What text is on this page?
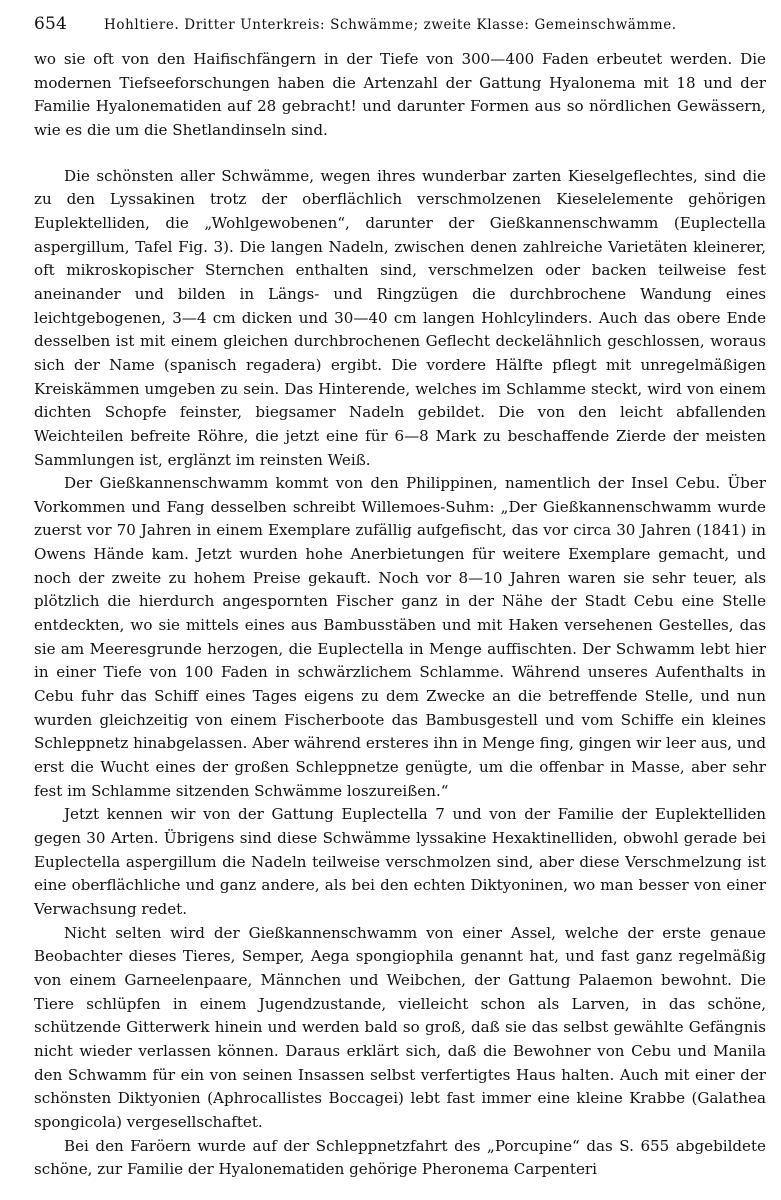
654	Hohltiere. Dritter Unterkreis: Schwämme; zweite Klasse: Gemeinschwämme.

wo sie oft von den Haifischfängern in der Tiefe von 300—400 Faden erbeutet werden. Die modernen Tiefseeforschungen haben die Artenzahl der Gattung Hyalonema mit 18 und der Familie Hyalonematiden auf 28 gebracht! und darunter Formen aus so nördlichen Gewässern, wie es die um die Shetlandinseln sind.

Die schönsten aller Schwämme, wegen ihres wunderbar zarten Kieselgeflechtes, sind die zu den Lyssakinen trotz der oberflächlich verschmolzenen Kieselelemente gehörigen Euplektelliden, die „Wohlgewobenen“, darunter der Gießkannenschwamm (Euplectella aspergillum, Tafel Fig. 3). Die langen Nadeln, zwischen denen zahlreiche Varietäten kleinerer, oft mikroskopischer Sternchen enthalten sind, verschmelzen oder backen teilweise fest aneinander und bilden in Längs- und Ringzügen die durchbrochene Wandung eines leichtgebogenen, 3—4 cm dicken und 30—40 cm langen Hohlcylinders. Auch das obere Ende desselben ist mit einem gleichen durchbrochenen Geflecht deckelähnlich geschlossen, woraus sich der Name (spanisch regadera) ergibt. Die vordere Hälfte pflegt mit unregelmäßigen Kreiskämmen umgeben zu sein. Das Hinterende, welches im Schlamme steckt, wird von einem dichten Schopfe feinster, biegsamer Nadeln gebildet. Die von den leicht abfallenden Weichteilen befreite Röhre, die jetzt eine für 6—8 Mark zu beschaffende Zierde der meisten Sammlungen ist, erglänzt im reinsten Weiß.

Der Gießkannenschwamm kommt von den Philippinen, namentlich der Insel Cebu. Über Vorkommen und Fang desselben schreibt Willemoes-Suhm: „Der Gießkannenschwamm wurde zuerst vor 70 Jahren in einem Exemplare zufällig aufgefischt, das vor circa 30 Jahren (1841) in Owens Hände kam. Jetzt wurden hohe Anerbietungen für weitere Exemplare gemacht, und noch der zweite zu hohem Preise gekauft. Noch vor 8—10 Jahren waren sie sehr teuer, als plötzlich die hierdurch angespornten Fischer ganz in der Nähe der Stadt Cebu eine Stelle entdeckten, wo sie mittels eines aus Bambusstäben und mit Haken versehenen Gestelles, das sie am Meeresgrunde herzogen, die Euplectella in Menge auffischten. Der Schwamm lebt hier in einer Tiefe von 100 Faden in schwärzlichem Schlamme. Während unseres Aufenthalts in Cebu fuhr das Schiff eines Tages eigens zu dem Zwecke an die betreffende Stelle, und nun wurden gleichzeitig von einem Fischerboote das Bambusgestell und vom Schiffe ein kleines Schleppnetz hinabgelassen. Aber während ersteres ihn in Menge fing, gingen wir leer aus, und erst die Wucht eines der großen Schleppnetze genügte, um die offenbar in Masse, aber sehr fest im Schlamme sitzenden Schwämme loszureißen.“

Jetzt kennen wir von der Gattung Euplectella 7 und von der Familie der Euplektelliden gegen 30 Arten. Übrigens sind diese Schwämme lyssakine Hexaktinelliden, obwohl gerade bei Euplectella aspergillum die Nadeln teilweise verschmolzen sind, aber diese Verschmelzung ist eine oberflächliche und ganz andere, als bei den echten Diktyoninen, wo man besser von einer Verwachsung redet.

Nicht selten wird der Gießkannenschwamm von einer Assel, welche der erste genaue Beobachter dieses Tieres, Semper, Aega spongiophila genannt hat, und fast ganz regelmäßig von einem Garneelenpaare, Männchen und Weibchen, der Gattung Palaemon bewohnt. Die Tiere schlüpfen in einem Jugendzustande, vielleicht schon als Larven, in das schöne, schützende Gitterwerk hinein und werden bald so groß, daß sie das selbst gewählte Gefängnis nicht wieder verlassen können. Daraus erklärt sich, daß die Bewohner von Cebu und Manila den Schwamm für ein von seinen Insassen selbst verfertigtes Haus halten. Auch mit einer der schönsten Diktyonien (Aphrocallistes Boccagei) lebt fast immer eine kleine Krabbe (Galathea spongicola) vergesellschaftet.

Bei den Faröern wurde auf der Schleppnetzfahrt des „Porcupine“ das S. 655 abgebildete schöne, zur Familie der Hyalonematiden gehörige Pheronema Carpenteri
